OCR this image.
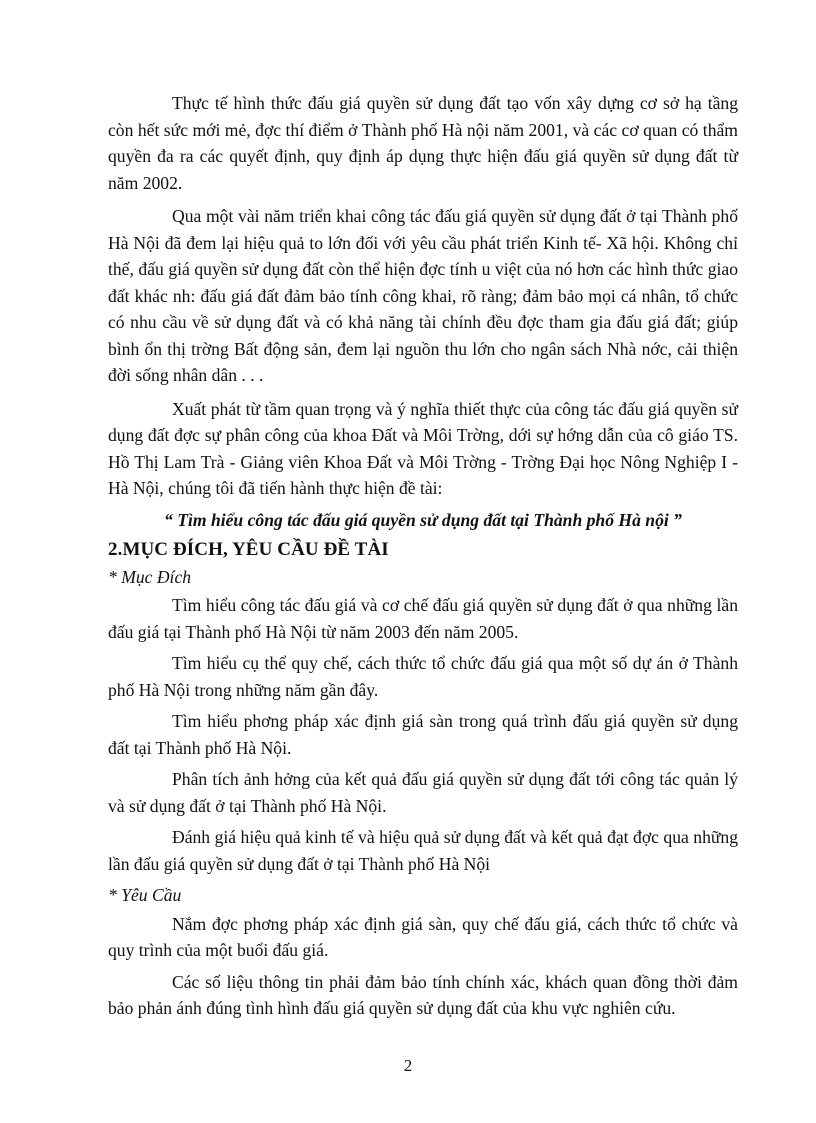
Thực tế hình thức đấu giá quyền sử dụng đất tạo vốn xây dựng cơ sở hạ tầng còn hết sức mới mẻ, đợc thí điểm ở Thành phố Hà nội năm 2001, và các cơ quan có thẩm quyền đa ra các quyết định, quy định áp dụng thực hiện đấu giá quyền sử dụng đất từ năm 2002.

Qua một vài năm triển khai công tác đấu giá quyền sử dụng đất ở tại Thành phố Hà Nội đã đem lại hiệu quả to lớn đối với yêu cầu phát triển Kinh tế- Xã hội. Không chỉ thế, đấu giá quyền sử dụng đất còn thể hiện đợc tính u việt của nó hơn các hình thức giao đất khác nh: đấu giá đất đảm bảo tính công khai, rõ ràng; đảm bảo mọi cá nhân, tổ chức có nhu cầu về sử dụng đất và có khả năng tài chính đều đợc tham gia đấu giá đất; giúp bình ổn thị trờng Bất động sản, đem lại nguồn thu lớn cho ngân sách Nhà nớc, cải thiện đời sống nhân dân . . .

Xuất phát từ tầm quan trọng và ý nghĩa thiết thực của công tác đấu giá quyền sử dụng đất đợc sự phân công của khoa Đất và Môi Trờng, dới sự hớng dẫn của cô giáo TS. Hồ Thị Lam Trà - Giảng viên Khoa Đất và Môi Trờng - Trờng Đại học Nông Nghiệp I - Hà Nội, chúng tôi đã tiến hành thực hiện đề tài:

“ Tìm hiểu công tác đấu giá quyền sử dụng đất tại Thành phố Hà nội ”

2.MỤC ĐÍCH, YÊU CẦU ĐỀ TÀI

* Mục Đích

Tìm hiểu công tác đấu giá và cơ chế đấu giá quyền sử dụng đất ở qua những lần đấu giá tại Thành phố Hà Nội từ năm 2003 đến năm 2005.

Tìm hiểu cụ thể quy chế, cách thức tổ chức đấu giá qua một số dự án ở Thành phố Hà Nội trong những năm gần đây.

Tìm hiểu phơng pháp xác định giá sàn trong quá trình đấu giá quyền sử dụng đất tại Thành phố Hà Nội.

Phân tích ảnh hởng của kết quả đấu giá quyền sử dụng đất tới công tác quản lý và sử dụng đất ở tại Thành phố Hà Nội.

Đánh giá hiệu quả kinh tế và hiệu quả sử dụng đất và kết quả đạt đợc qua những lần đấu giá quyền sử dụng đất ở tại Thành phố Hà Nội

* Yêu Cầu

Nắm đợc phơng pháp xác định giá sàn, quy chế đấu giá, cách thức tổ chức và quy trình của một buổi đấu giá.

Các số liệu thông tin phải đảm bảo tính chính xác, khách quan đồng thời đảm bảo phản ánh đúng tình hình đấu giá quyền sử dụng đất của khu vực nghiên cứu.

2
